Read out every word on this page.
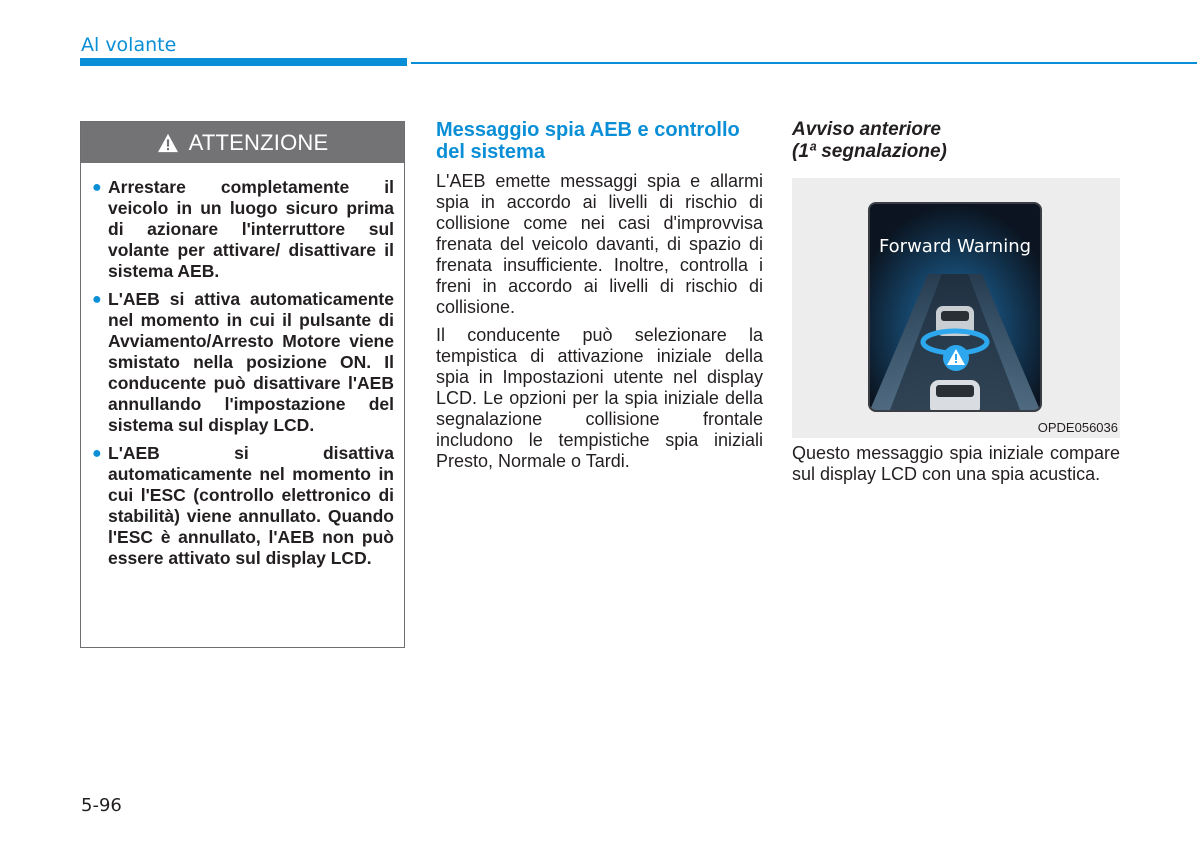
Al volante
ATTENZIONE
● Arrestare completamente il veicolo in un luogo sicuro prima di azionare l'interruttore sul volante per attivare/ disattivare il sistema AEB.
● L'AEB si attiva automaticamente nel momento in cui il pulsante di Avviamento/Arresto Motore viene smistato nella posizione ON. Il conducente può disattivare l'AEB annullando l'impostazione del sistema sul display LCD.
● L'AEB si disattiva automaticamente nel momento in cui l'ESC (controllo elettronico di stabilità) viene annullato. Quando l'ESC è annullato, l'AEB non può essere attivato sul display LCD.
Messaggio spia AEB e controllo del sistema

L'AEB emette messaggi spia e allarmi spia in accordo ai livelli di rischio di collisione come nei casi d'improvvisa frenata del veicolo davanti, di spazio di frenata insufficiente. Inoltre, controlla i freni in accordo ai livelli di rischio di collisione.

Il conducente può selezionare la tempistica di attivazione iniziale della spia in Impostazioni utente nel display LCD. Le opzioni per la spia iniziale della segnalazione collisione frontale includono le tempistiche spia iniziali Presto, Normale o Tardi.

Avviso anteriore
(1ª segnalazione)
Forward Warning
OPDE056036

Questo messaggio spia iniziale compare sul display LCD con una spia acustica.

5-96
